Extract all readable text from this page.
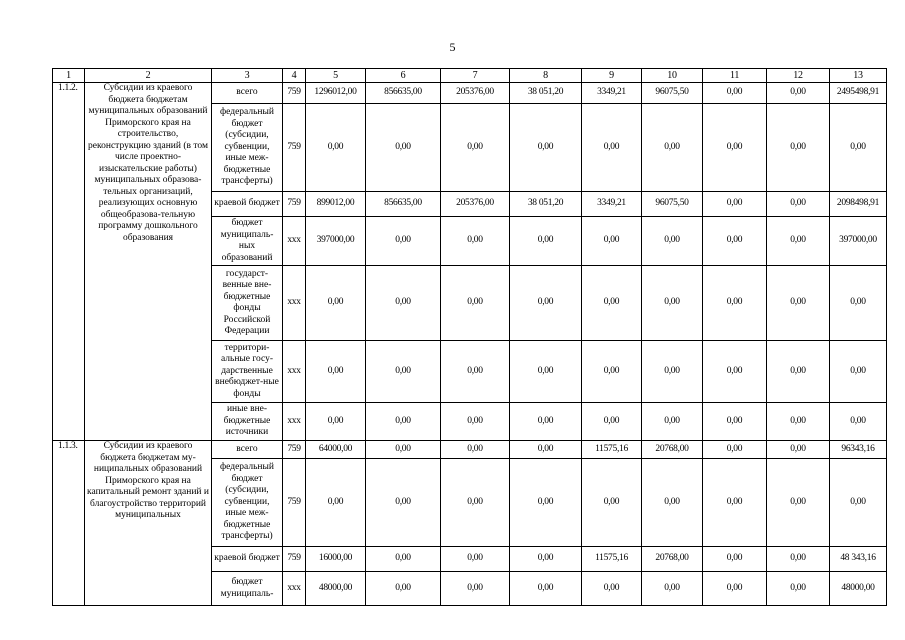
5
1	2	3	4	5	6	7	8	9	10	11	12	13
1.1.2.	Субсидии из краевого бюджета бюджетам муниципальных образований Приморского края на строительство, реконструкцию зданий (в том числе проектно-изыскательские работы) муниципальных образова-тельных организаций, реализующих основную общеобразова-тельную программу дошкольного образования	всего	759	1296012,00	856635,00	205376,00	38 051,20	3349,21	96075,50	0,00	0,00	2495498,91
		федеральный бюджет (субсидии, субвенции, иные меж-бюджетные трансферты)	759	0,00	0,00	0,00	0,00	0,00	0,00	0,00	0,00	0,00
		краевой бюджет	759	899012,00	856635,00	205376,00	38 051,20	3349,21	96075,50	0,00	0,00	2098498,91
		бюджет муниципаль-ных образований	xxx	397000,00	0,00	0,00	0,00	0,00	0,00	0,00	0,00	397000,00
		государст-венные вне-бюджетные фонды Российской Федерации	xxx	0,00	0,00	0,00	0,00	0,00	0,00	0,00	0,00	0,00
		территори-альные госу-дарственные внебюджет-ные фонды	xxx	0,00	0,00	0,00	0,00	0,00	0,00	0,00	0,00	0,00
		иные вне-бюджетные источники	xxx	0,00	0,00	0,00	0,00	0,00	0,00	0,00	0,00	0,00
1.1.3.	Субсидии из краевого бюджета бюджетам му-ниципальных образований Приморского края на капитальный ремонт зданий и благоустройство территорий муниципальных	всего	759	64000,00	0,00	0,00	0,00	11575,16	20768,00	0,00	0,00	96343,16
		федеральный бюджет (субсидии, субвенции, иные меж-бюджетные трансферты)	759	0,00	0,00	0,00	0,00	0,00	0,00	0,00	0,00	0,00
		краевой бюджет	759	16000,00	0,00	0,00	0,00	11575,16	20768,00	0,00	0,00	48 343,16
		бюджет муниципаль-	xxx	48000,00	0,00	0,00	0,00	0,00	0,00	0,00	0,00	48000,00
